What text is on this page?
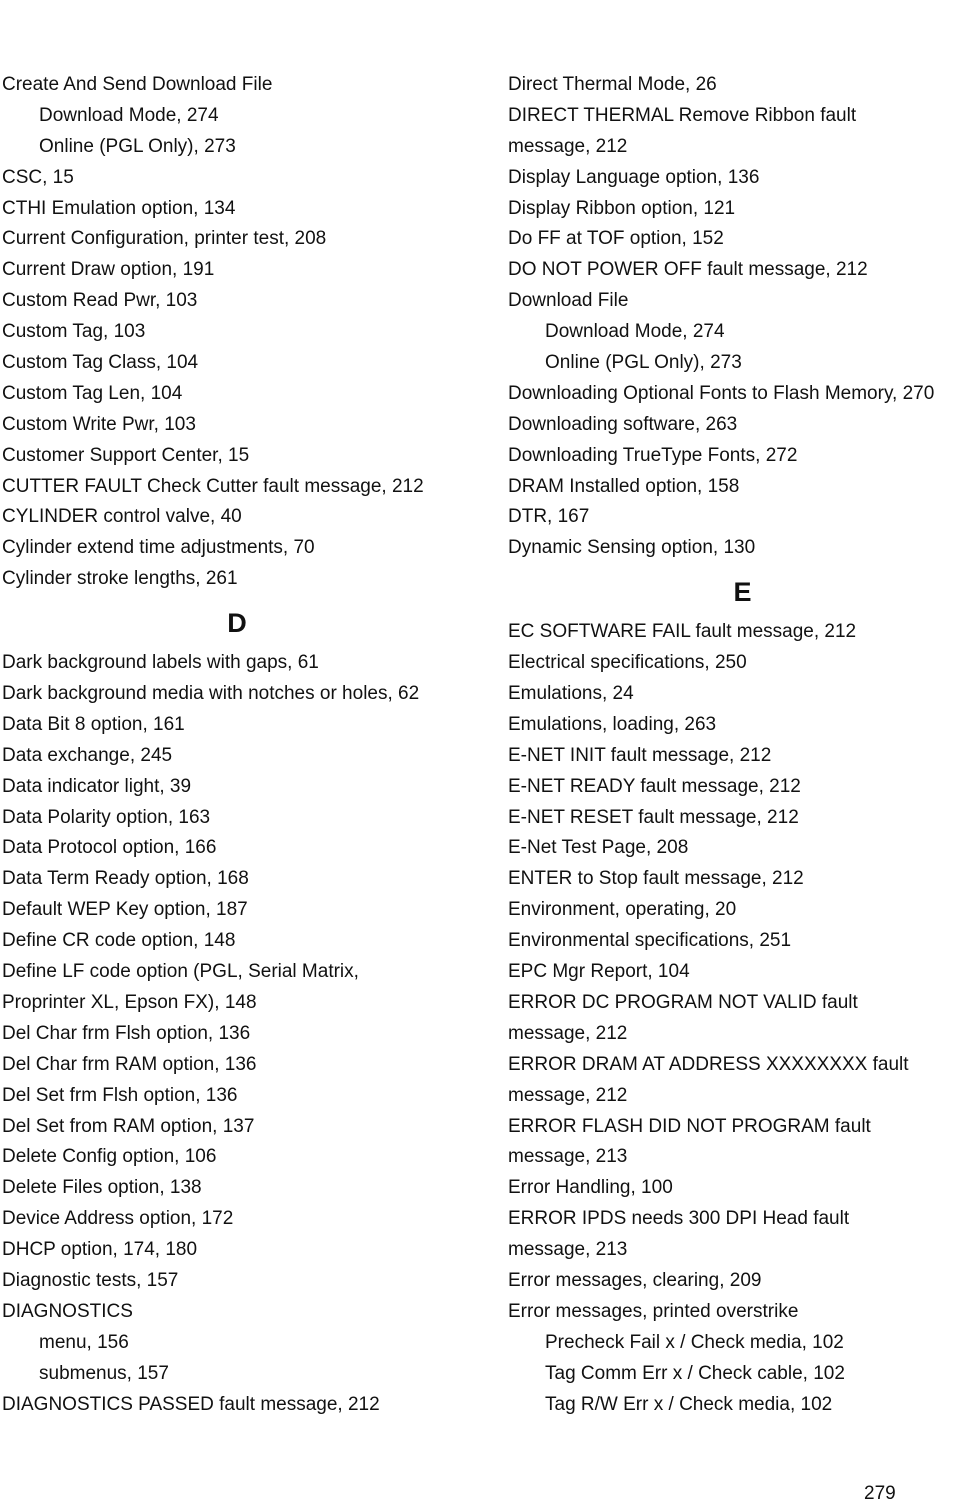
Create And Send Download File
Download Mode, 274
Online (PGL Only), 273
CSC, 15
CTHI Emulation option, 134
Current Configuration, printer test, 208
Current Draw option, 191
Custom Read Pwr, 103
Custom Tag, 103
Custom Tag Class, 104
Custom Tag Len, 104
Custom Write Pwr, 103
Customer Support Center, 15
CUTTER FAULT Check Cutter fault message, 212
CYLINDER control valve, 40
Cylinder extend time adjustments, 70
Cylinder stroke lengths, 261
D
Dark background labels with gaps, 61
Dark background media with notches or holes, 62
Data Bit 8 option, 161
Data exchange, 245
Data indicator light, 39
Data Polarity option, 163
Data Protocol option, 166
Data Term Ready option, 168
Default WEP Key option, 187
Define CR code option, 148
Define LF code option (PGL, Serial Matrix,
Proprinter XL, Epson FX), 148
Del Char frm Flsh option, 136
Del Char frm RAM option, 136
Del Set frm Flsh option, 136
Del Set from RAM option, 137
Delete Config option, 106
Delete Files option, 138
Device Address option, 172
DHCP option, 174, 180
Diagnostic tests, 157
DIAGNOSTICS
menu, 156
submenus, 157
DIAGNOSTICS PASSED fault message, 212
Direct Thermal Mode, 26
DIRECT THERMAL Remove Ribbon fault
message, 212
Display Language option, 136
Display Ribbon option, 121
Do FF at TOF option, 152
DO NOT POWER OFF fault message, 212
Download File
Download Mode, 274
Online (PGL Only), 273
Downloading Optional Fonts to Flash Memory, 270
Downloading software, 263
Downloading TrueType Fonts, 272
DRAM Installed option, 158
DTR, 167
Dynamic Sensing option, 130
E
EC SOFTWARE FAIL fault message, 212
Electrical specifications, 250
Emulations, 24
Emulations, loading, 263
E-NET INIT fault message, 212
E-NET READY fault message, 212
E-NET RESET fault message, 212
E-Net Test Page, 208
ENTER to Stop fault message, 212
Environment, operating, 20
Environmental specifications, 251
EPC Mgr Report, 104
ERROR DC PROGRAM NOT VALID fault
message, 212
ERROR DRAM AT ADDRESS XXXXXXXX fault
message, 212
ERROR FLASH DID NOT PROGRAM fault
message, 213
Error Handling, 100
ERROR IPDS needs 300 DPI Head fault
message, 213
Error messages, clearing, 209
Error messages, printed overstrike
Precheck Fail x / Check media, 102
Tag Comm Err x / Check cable, 102
Tag R/W Err x / Check media, 102
279
